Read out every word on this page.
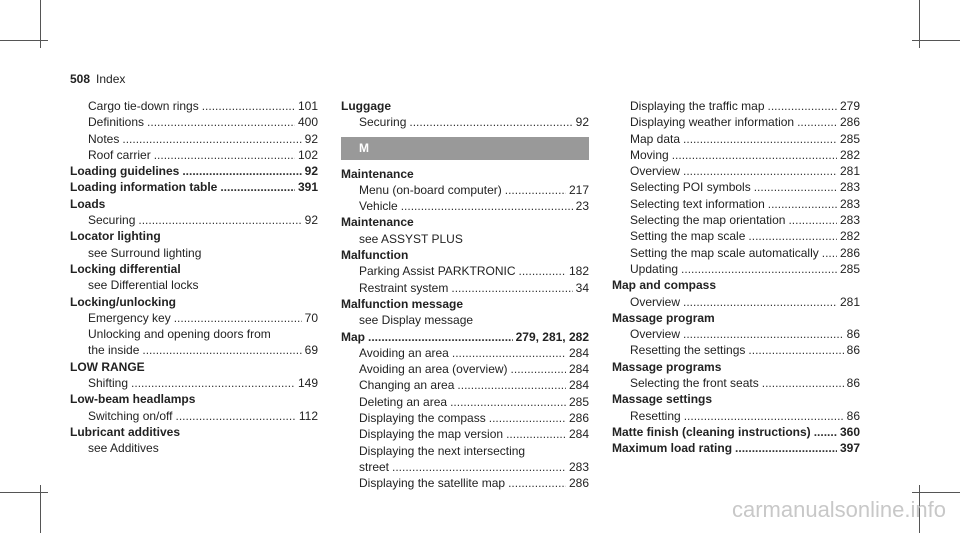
508 Index
Cargo tie-down rings .....	101
Definitions .....	400
Notes .....	92
Roof carrier .....	102
Loading guidelines .....	92
Loading information table .....	391
Loads
Securing .....	92
Locator lighting
see Surround lighting
Locking differential
see Differential locks
Locking/unlocking
Emergency key .....	70
Unlocking and opening doors from
the inside .....	69
LOW RANGE
Shifting .....	149
Low-beam headlamps
Switching on/off .....	112
Lubricant additives
see Additives
Luggage
Securing .....	92
M
Maintenance
Menu (on-board computer) .....	217
Vehicle .....	23
Maintenance
see ASSYST PLUS
Malfunction
Parking Assist PARKTRONIC .....	182
Restraint system .....	34
Malfunction message
see Display message
Map .....	279, 281, 282
Avoiding an area .....	284
Avoiding an area (overview) .....	284
Changing an area .....	284
Deleting an area .....	285
Displaying the compass .....	286
Displaying the map version .....	284
Displaying the next intersecting
street .....	283
Displaying the satellite map .....	286
Displaying the traffic map .....	279
Displaying weather information .....	286
Map data .....	285
Moving .....	282
Overview .....	281
Selecting POI symbols .....	283
Selecting text information .....	283
Selecting the map orientation .....	283
Setting the map scale .....	282
Setting the map scale automatically ..... 286
Updating .....	285
Map and compass
Overview .....	281
Massage program
Overview .....	86
Resetting the settings .....	86
Massage programs
Selecting the front seats .....	86
Massage settings
Resetting .....	86
Matte finish (cleaning instructions) ..... 360
Maximum load rating .....	397
carmanualsonline.info
